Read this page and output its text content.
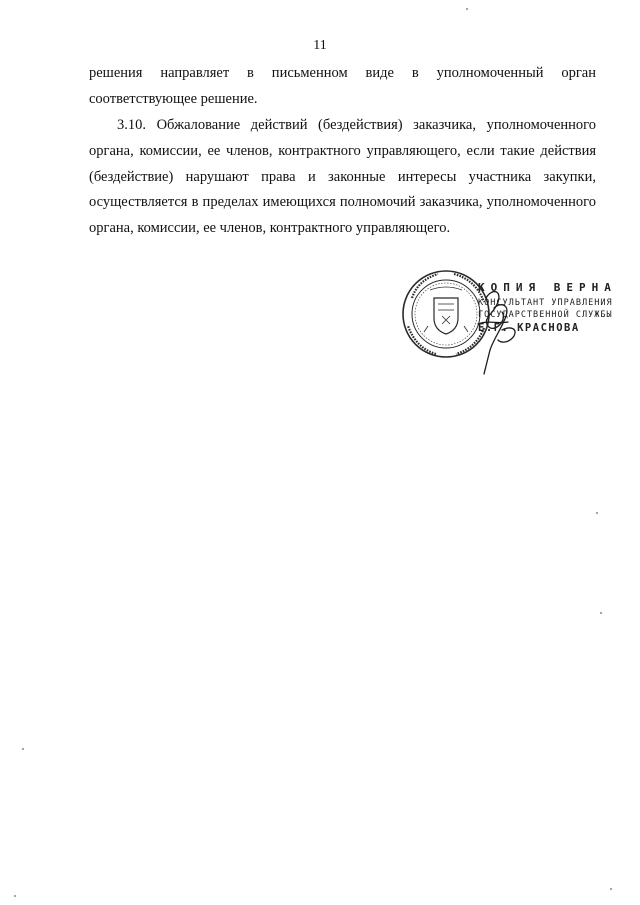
11

решения направляет в письменном виде в уполномоченный орган соответствующее решение.

3.10. Обжалование действий (бездействия) заказчика, уполномоченного органа, комиссии, ее членов, контрактного управляющего, если такие действия (бездействие) нарушают права и законные интересы участника закупки, осуществляется в пределах имеющихся полномочий заказчика, уполномоченного органа, комиссии, ее членов, контрактного управляющего.

КОПИЯ ВЕРНА
КОНСУЛЬТАНТ УПРАВЛЕНИЯ
ГОСУДАРСТВЕННОЙ СЛУЖБЫ
Е.Г. КРАСНОВА
